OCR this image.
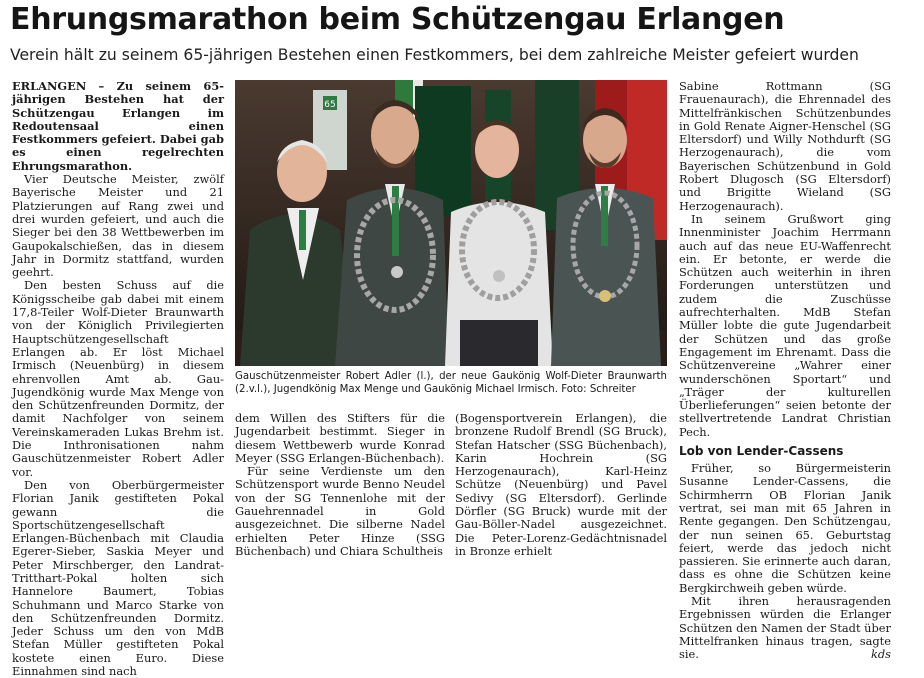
Ehrungsmarathon beim Schützengau Erlangen
Verein hält zu seinem 65-jährigen Bestehen einen Festkommers, bei dem zahlreiche Meister gefeiert wurden

ERLANGEN – Zu seinem 65-jährigen Bestehen hat der Schützengau Erlangen im Redoutensaal einen Festkommers gefeiert. Dabei gab es einen regelrechten Ehrungsmarathon.

Vier Deutsche Meister, zwölf Bayerische Meister und 21 Platzierungen auf Rang zwei und drei wurden gefeiert, und auch die Sieger bei den 38 Wettbewerben im Gaupokalschießen, das in diesem Jahr in Dormitz stattfand, wurden geehrt.

Den besten Schuss auf die Königsscheibe gab dabei mit einem 17,8-Teiler Wolf-Dieter Braunwarth von der Königlich Privilegierten Hauptschützengesellschaft Erlangen ab. Er löst Michael Irmisch (Neuenbürg) in diesem ehrenvollen Amt ab. Gau-Jugendkönig wurde Max Menge von den Schützenfreunden Dormitz, der damit Nachfolger von seinem Vereinskameraden Lukas Brehm ist. Die Inthronisationen nahm Gauschützenmeister Robert Adler vor.

Den von Oberbürgermeister Florian Janik gestifteten Pokal gewann die Sportschützengesellschaft Erlangen-Büchenbach mit Claudia Egerer-Sieber, Saskia Meyer und Peter Mirschberger, den Landrat-Tritthart-Pokal holten sich Hannelore Baumert, Tobias Schuhmann und Marco Starke von den Schützenfreunden Dormitz. Jeder Schuss um den von MdB Stefan Müller gestifteten Pokal kostete einen Euro. Diese Einnahmen sind nach

65
Gauschützenmeister Robert Adler (l.), der neue Gaukönig Wolf-Dieter Braunwarth (2.v.l.), Jugendkönig Max Menge und Gaukönig Michael Irmisch. Foto: Schreiter

dem Willen des Stifters für die Jugendarbeit bestimmt. Sieger in diesem Wettbewerb wurde Konrad Meyer (SSG Erlangen-Büchenbach).

Für seine Verdienste um den Schützensport wurde Benno Neudel von der SG Tennenlohe mit der Gauehrennadel in Gold ausgezeichnet. Die silberne Nadel erhielten Peter Hinze (SSG Büchenbach) und Chiara Schultheis

(Bogensportverein Erlangen), die bronzene Rudolf Brendl (SG Bruck), Stefan Hatscher (SSG Büchenbach), Karin Hochrein (SG Herzogenaurach), Karl-Heinz Schütze (Neuenbürg) und Pavel Sedivy (SG Eltersdorf). Gerlinde Dörfler (SG Bruck) wurde mit der Gau-Böller-Nadel ausgezeichnet. Die Peter-Lorenz-Gedächtnisnadel in Bronze erhielt

Sabine Rottmann (SG Frauenaurach), die Ehrennadel des Mittelfränkischen Schützenbundes in Gold Renate Aigner-Henschel (SG Eltersdorf) und Willy Nothdurft (SG Herzogenaurach), die vom Bayerischen Schützenbund in Gold Robert Dlugosch (SG Eltersdorf) und Brigitte Wieland (SG Herzogenaurach).

In seinem Grußwort ging Innenminister Joachim Herrmann auch auf das neue EU-Waffenrecht ein. Er betonte, er werde die Schützen auch weiterhin in ihren Forderungen unterstützen und zudem die Zuschüsse aufrechterhalten. MdB Stefan Müller lobte die gute Jugendarbeit der Schützen und das große Engagement im Ehrenamt. Dass die Schützenvereine „Wahrer einer wunderschönen Sportart“ und „Träger der kulturellen Überlieferungen“ seien betonte der stellvertretende Landrat Christian Pech.

Lob von Lender-Cassens

Früher, so Bürgermeisterin Susanne Lender-Cassens, die Schirmherrn OB Florian Janik vertrat, sei man mit 65 Jahren in Rente gegangen. Den Schützengau, der nun seinen 65. Geburtstag feiert, werde das jedoch nicht passieren. Sie erinnerte auch daran, dass es ohne die Schützen keine Bergkirchweih geben würde.

Mit ihren herausragenden Ergebnissen würden die Erlanger Schützen den Namen der Stadt über Mittelfranken hinaus tragen, sagte sie.	kds
